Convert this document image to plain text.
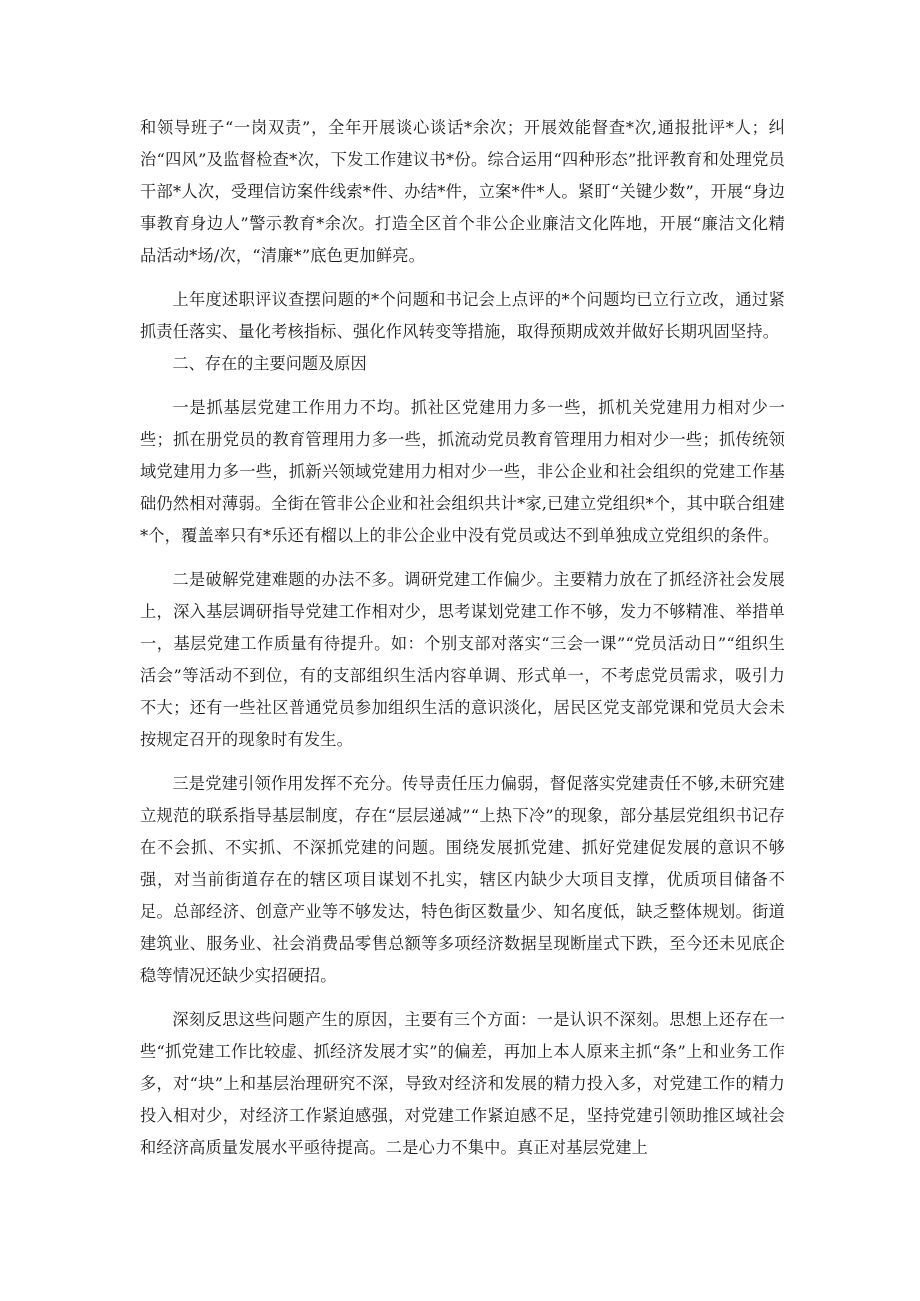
和领导班子“一岗双责”，全年开展谈心谈话*余次；开展效能督查*次,通报批评*人；纠治“四风”及监督检查*次，下发工作建议书*份。综合运用“四种形态”批评教育和处理党员干部*人次，受理信访案件线索*件、办结*件，立案*件*人。紧盯“关键少数”，开展“身边事教育身边人”警示教育*余次。打造全区首个非公企业廉洁文化阵地，开展“廉洁文化精品活动*场/次，“清廉*”底色更加鲜亮。

上年度述职评议查摆问题的*个问题和书记会上点评的*个问题均已立行立改，通过紧抓责任落实、量化考核指标、强化作风转变等措施，取得预期成效并做好长期巩固坚持。

二、存在的主要问题及原因

一是抓基层党建工作用力不均。抓社区党建用力多一些，抓机关党建用力相对少一些；抓在册党员的教育管理用力多一些，抓流动党员教育管理用力相对少一些；抓传统领域党建用力多一些，抓新兴领域党建用力相对少一些，非公企业和社会组织的党建工作基础仍然相对薄弱。全街在管非公企业和社会组织共计*家,已建立党组织*个，其中联合组建*个，覆盖率只有*乐还有榴以上的非公企业中没有党员或达不到单独成立党组织的条件。

二是破解党建难题的办法不多。调研党建工作偏少。主要精力放在了抓经济社会发展上，深入基层调研指导党建工作相对少，思考谋划党建工作不够，发力不够精准、举措单一，基层党建工作质量有待提升。如：个别支部对落实“三会一课”“党员活动日”“组织生活会”等活动不到位，有的支部组织生活内容单调、形式单一，不考虑党员需求，吸引力不大；还有一些社区普通党员参加组织生活的意识淡化，居民区党支部党课和党员大会未按规定召开的现象时有发生。

三是党建引领作用发挥不充分。传导责任压力偏弱，督促落实党建责任不够,未研究建立规范的联系指导基层制度，存在“层层递减”“上热下冷”的现象，部分基层党组织书记存在不会抓、不实抓、不深抓党建的问题。围绕发展抓党建、抓好党建促发展的意识不够强，对当前街道存在的辖区项目谋划不扎实，辖区内缺少大项目支撑，优质项目储备不足。总部经济、创意产业等不够发达，特色街区数量少、知名度低，缺乏整体规划。街道建筑业、服务业、社会消费品零售总额等多项经济数据呈现断崖式下跌，至今还未见底企稳等情况还缺少实招硬招。

深刻反思这些问题产生的原因，主要有三个方面：一是认识不深刻。思想上还存在一些“抓党建工作比较虚、抓经济发展才实”的偏差，再加上本人原来主抓“条”上和业务工作多，对“块”上和基层治理研究不深，导致对经济和发展的精力投入多，对党建工作的精力投入相对少，对经济工作紧迫感强，对党建工作紧迫感不足，坚持党建引领助推区域社会和经济高质量发展水平亟待提高。二是心力不集中。真正对基层党建上
